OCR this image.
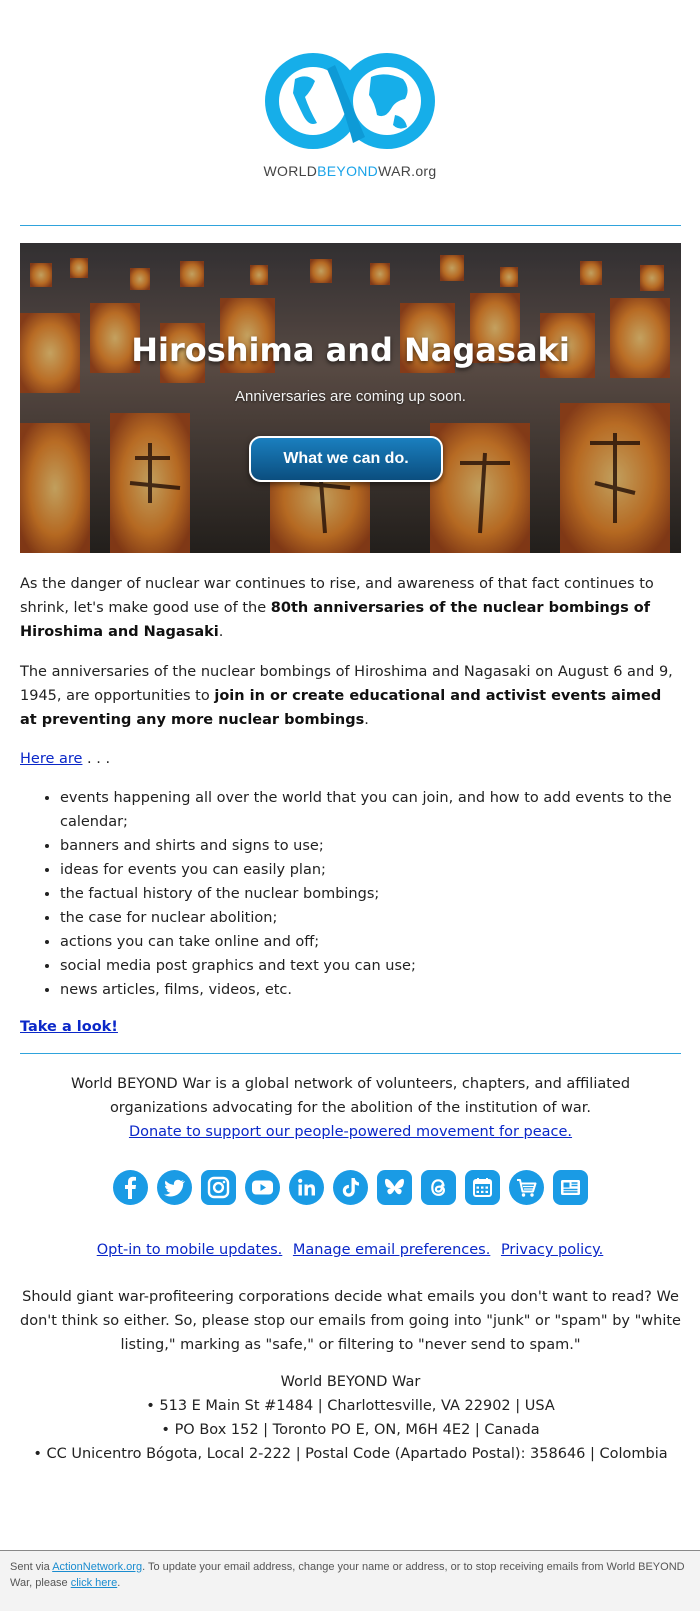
WORLDBEYONDWAR.org
Hiroshima and Nagasaki
Anniversaries are coming up soon.
What we can do.

As the danger of nuclear war continues to rise, and awareness of that fact continues to shrink, let's make good use of the 80th anniversaries of the nuclear bombings of Hiroshima and Nagasaki.

The anniversaries of the nuclear bombings of Hiroshima and Nagasaki on August 6 and 9, 1945, are opportunities to join in or create educational and activist events aimed at preventing any more nuclear bombings.

Here are . . .

• events happening all over the world that you can join, and how to add events to the calendar;
• banners and shirts and signs to use;
• ideas for events you can easily plan;
• the factual history of the nuclear bombings;
• the case for nuclear abolition;
• actions you can take online and off;
• social media post graphics and text you can use;
• news articles, films, videos, etc.

Take a look!

World BEYOND War is a global network of volunteers, chapters, and affiliated organizations advocating for the abolition of the institution of war.
Donate to support our people-powered movement for peace.
Opt-in to mobile updates. Manage email preferences. Privacy policy.
Should giant war-profiteering corporations decide what emails you don't want to read? We don't think so either. So, please stop our emails from going into "junk" or "spam" by "white listing," marking as "safe," or filtering to "never send to spam."
World BEYOND War
• 513 E Main St #1484 | Charlottesville, VA 22902 | USA
• PO Box 152 | Toronto PO E, ON, M6H 4E2 | Canada
• CC Unicentro Bógota, Local 2-222 | Postal Code (Apartado Postal): 358646 | Colombia

Sent via ActionNetwork.org. To update your email address, change your name or address, or to stop receiving emails from World BEYOND War, please click here.
